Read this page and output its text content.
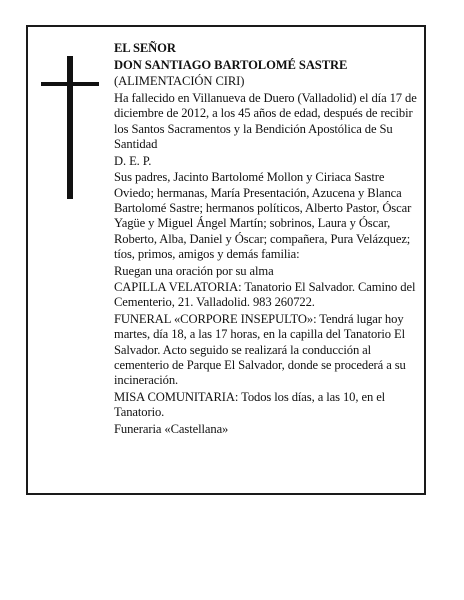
EL SEÑOR

DON SANTIAGO BARTOLOMÉ SASTRE

(ALIMENTACIÓN CIRI)

Ha fallecido en Villanueva de Duero (Valladolid) el día 17 de diciembre de 2012, a los 45 años de edad, después de recibir los Santos Sacramentos y la Bendición Apostólica de Su Santidad

D. E. P.

Sus padres, Jacinto Bartolomé Mollon y Ciriaca Sastre Oviedo; hermanas, María Presentación, Azucena y Blanca Bartolomé Sastre; hermanos políticos, Alberto Pastor, Óscar Yagüe y Miguel Ángel Martín; sobrinos, Laura y Óscar, Roberto, Alba, Daniel y Óscar; compañera, Pura Velázquez; tíos, primos, amigos y demás familia:

Ruegan una oración por su alma

CAPILLA VELATORIA: Tanatorio El Salvador. Camino del Cementerio, 21. Valladolid. 983 260722.

FUNERAL «CORPORE INSEPULTO»: Tendrá lugar hoy martes, día 18, a las 17 horas, en la capilla del Tanatorio El Salvador. Acto seguido se realizará la conducción al cementerio de Parque El Salvador, donde se procederá a su incineración.

MISA COMUNITARIA: Todos los días, a las 10, en el Tanatorio.

Funeraria «Castellana»
